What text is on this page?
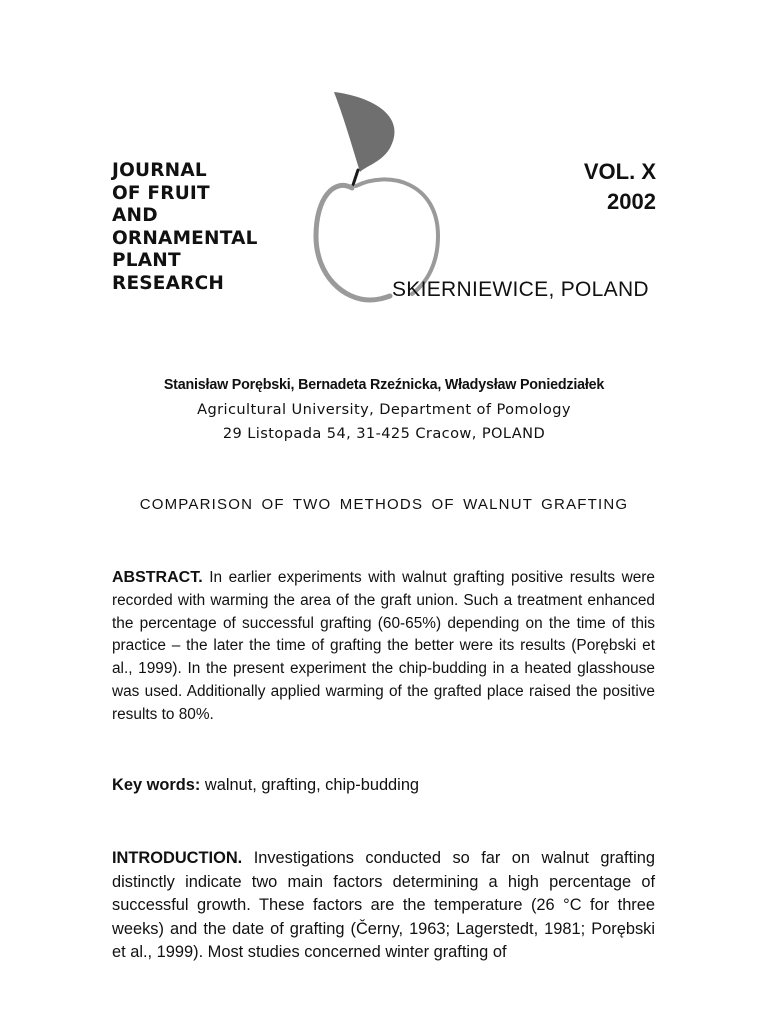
JOURNAL
OF FRUIT
AND
ORNAMENTAL
PLANT
RESEARCH
VOL. X
2002
SKIERNIEWICE, POLAND
Stanisław Porębski, Bernadeta Rzeźnicka, Władysław Poniedziałek
Agricultural University, Department of Pomology
29 Listopada 54, 31-425 Cracow, POLAND
COMPARISON OF TWO METHODS OF WALNUT GRAFTING

ABSTRACT. In earlier experiments with walnut grafting positive results were recorded with warming the area of the graft union. Such a treatment enhanced the percentage of successful grafting (60-65%) depending on the time of this practice – the later the time of grafting the better were its results (Porębski et al., 1999). In the present experiment the chip-budding in a heated glasshouse was used. Additionally applied warming of the grafted place raised the positive results to 80%.

Key words: walnut, grafting, chip-budding

INTRODUCTION. Investigations conducted so far on walnut grafting distinctly indicate two main factors determining a high percentage of successful growth. These factors are the temperature (26 °C for three weeks) and the date of grafting (Černy, 1963; Lagerstedt, 1981; Porębski et al., 1999). Most studies concerned winter grafting of
